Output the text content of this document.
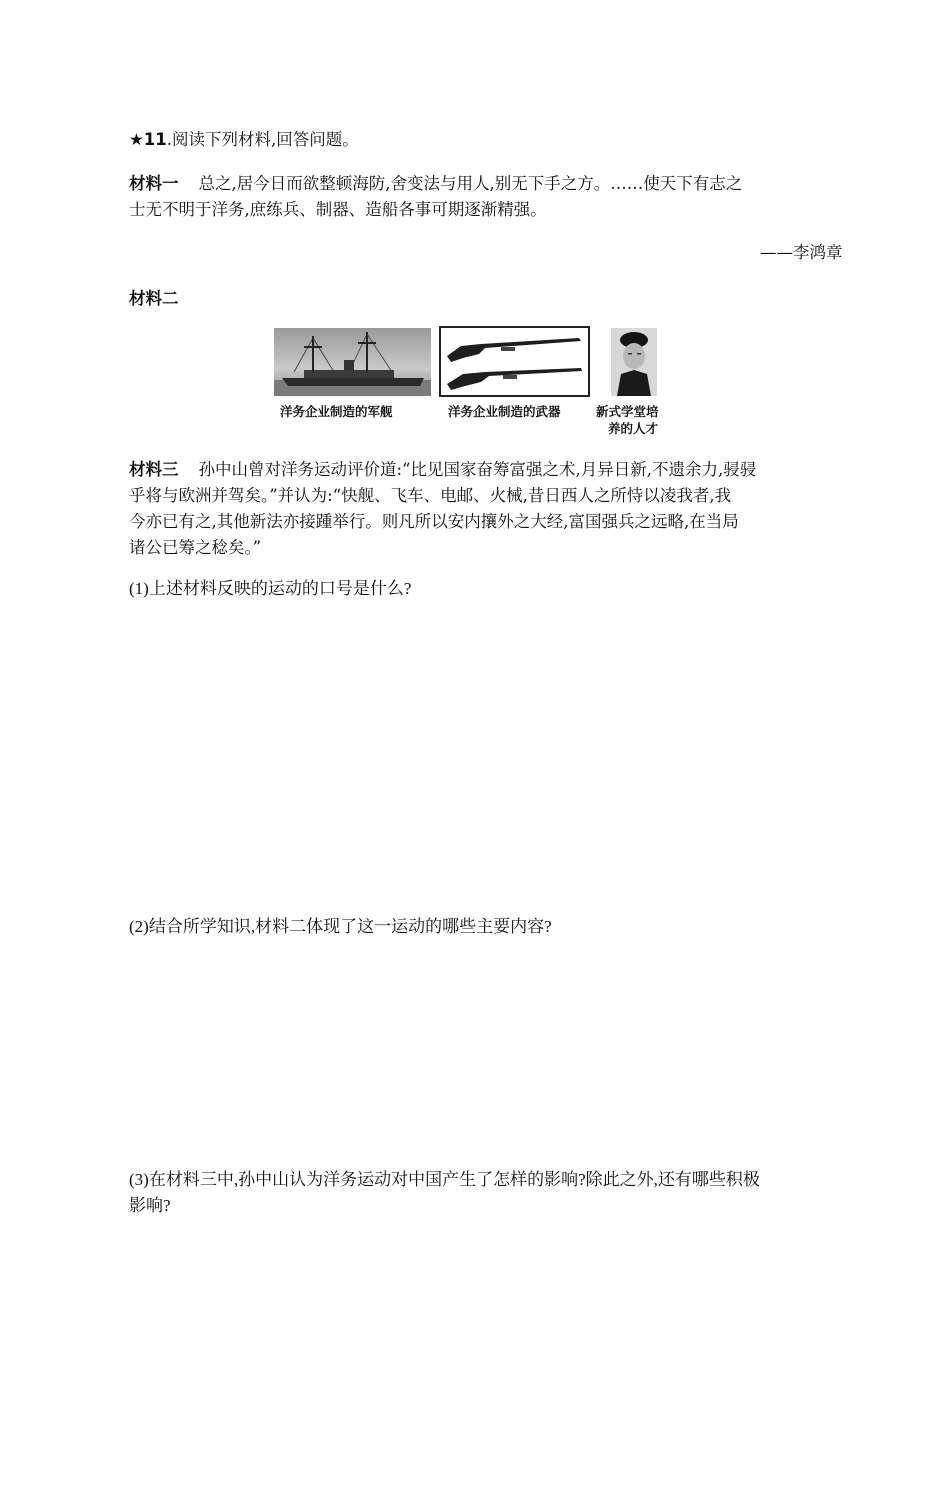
★11.阅读下列材料,回答问题。
材料一 总之,居今日而欲整顿海防,舍变法与用人,别无下手之方。……使天下有志之
士无不明于洋务,庶练兵、制器、造船各事可期逐渐精强。
——李鸿章
材料二
洋务企业制造的军舰	洋务企业制造的武器	新式学堂培
养的人才
材料三 孙中山曾对洋务运动评价道:“比见国家奋筹富强之术,月异日新,不遗余力,骎骎
乎将与欧洲并驾矣。”并认为:“快舰、飞车、电邮、火械,昔日西人之所恃以凌我者,我
今亦已有之,其他新法亦接踵举行。则凡所以安内攘外之大经,富国强兵之远略,在当局
诸公已筹之稔矣。”
(1)上述材料反映的运动的口号是什么?
(2)结合所学知识,材料二体现了这一运动的哪些主要内容?
(3)在材料三中,孙中山认为洋务运动对中国产生了怎样的影响?除此之外,还有哪些积极
影响?
